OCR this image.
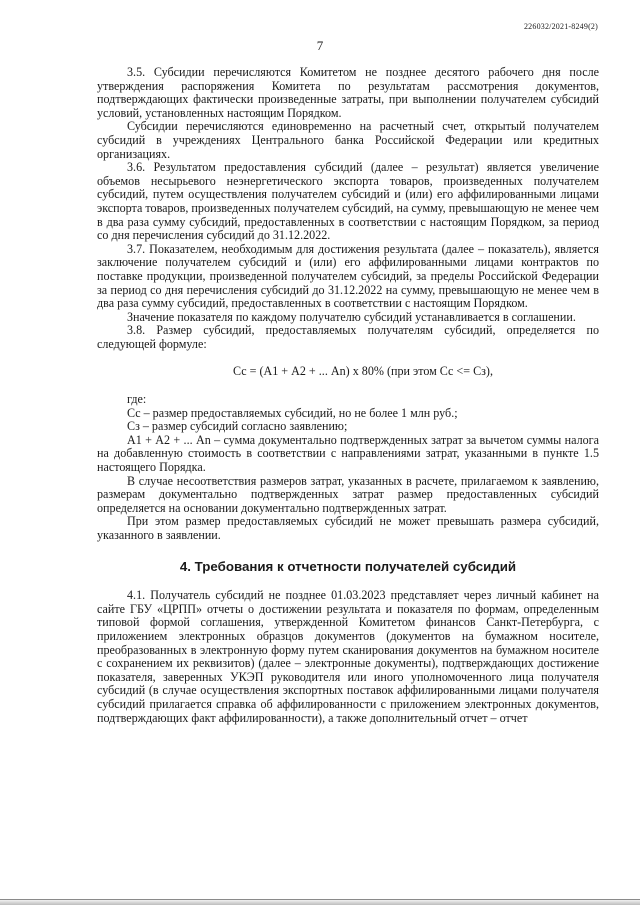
226032/2021-8249(2)
7

3.5. Субсидии перечисляются Комитетом не позднее десятого рабочего дня после утверждения распоряжения Комитета по результатам рассмотрения документов, подтверждающих фактически произведенные затраты, при выполнении получателем субсидий условий, установленных настоящим Порядком.

Субсидии перечисляются единовременно на расчетный счет, открытый получателем субсидий в учреждениях Центрального банка Российской Федерации или кредитных организациях.

3.6. Результатом предоставления субсидий (далее – результат) является увеличение объемов несырьевого неэнергетического экспорта товаров, произведенных получателем субсидий, путем осуществления получателем субсидий и (или) его аффилированными лицами экспорта товаров, произведенных получателем субсидий, на сумму, превышающую не менее чем в два раза сумму субсидий, предоставленных в соответствии с настоящим Порядком, за период со дня перечисления субсидий до 31.12.2022.

3.7. Показателем, необходимым для достижения результата (далее – показатель), является заключение получателем субсидий и (или) его аффилированными лицами контрактов по поставке продукции, произведенной получателем субсидий, за пределы Российской Федерации за период со дня перечисления субсидий до 31.12.2022 на сумму, превышающую не менее чем в два раза сумму субсидий, предоставленных в соответствии с настоящим Порядком.

Значение показателя по каждому получателю субсидий устанавливается в соглашении.

3.8. Размер субсидий, предоставляемых получателям субсидий, определяется по следующей формуле:

Сс = (А1 + А2 + ... Аn) х 80% (при этом Сс <= Сз),

где:

Сс – размер предоставляемых субсидий, но не более 1 млн руб.;

Сз – размер субсидий согласно заявлению;

А1 + А2 + ... Аn – сумма документально подтвержденных затрат за вычетом суммы налога на добавленную стоимость в соответствии с направлениями затрат, указанными в пункте 1.5 настоящего Порядка.

В случае несоответствия размеров затрат, указанных в расчете, прилагаемом к заявлению, размерам документально подтвержденных затрат размер предоставленных субсидий определяется на основании документально подтвержденных затрат.

При этом размер предоставляемых субсидий не может превышать размера субсидий, указанного в заявлении.

4. Требования к отчетности получателей субсидий

4.1. Получатель субсидий не позднее 01.03.2023 представляет через личный кабинет на сайте ГБУ «ЦРПП» отчеты о достижении результата и показателя по формам, определенным типовой формой соглашения, утвержденной Комитетом финансов Санкт-Петербурга, с приложением электронных образцов документов (документов на бумажном носителе, преобразованных в электронную форму путем сканирования документов на бумажном носителе с сохранением их реквизитов) (далее – электронные документы), подтверждающих достижение показателя, заверенных УКЭП руководителя или иного уполномоченного лица получателя субсидий (в случае осуществления экспортных поставок аффилированными лицами получателя субсидий прилагается справка об аффилированности с приложением электронных документов, подтверждающих факт аффилированности), а также дополнительный отчет – отчет
